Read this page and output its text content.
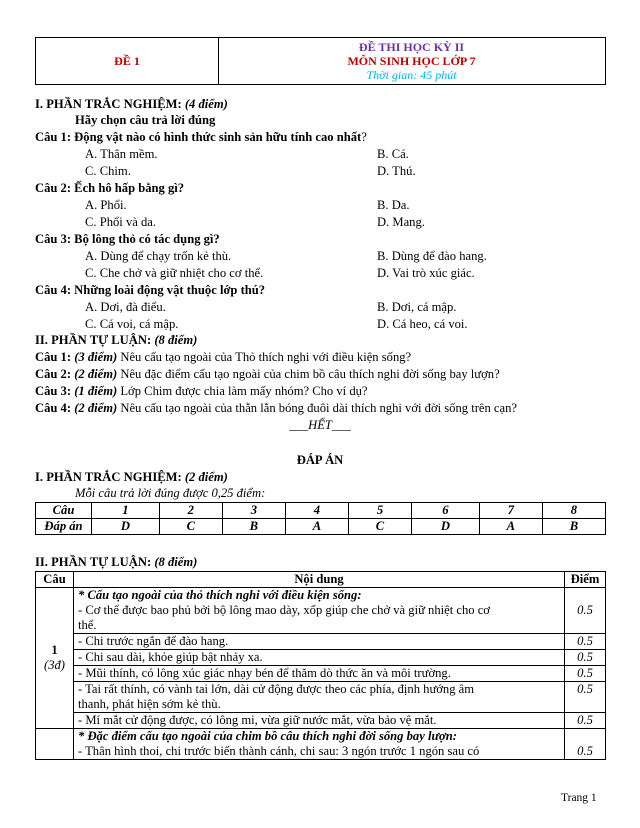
ĐỀ 1
ĐỀ THI HỌC KỲ II
MÔN SINH HỌC LỚP 7
Thời gian: 45 phút
I. PHẦN TRẮC NGHIỆM: (4 điểm)
Hãy chọn câu trả lời đúng
Câu 1: Động vật nào có hình thức sinh sản hữu tính cao nhất?
A. Thân mềm.	B. Cá.
C. Chim.	D. Thú.
Câu 2: Ếch hô hấp bằng gì?
A. Phổi.	B. Da.
C. Phổi và da.	D. Mang.
Câu 3: Bộ lông thỏ có tác dụng gì?
A. Dùng để chạy trốn kẻ thù.	B. Dùng để đào hang.
C. Che chở và giữ nhiệt cho cơ thể.	D. Vai trò xúc giác.
Câu 4: Những loài động vật thuộc lớp thú?
A. Dơi, đà điểu.	B. Dơi, cá mập.
C. Cá voi, cá mập.	D. Cá heo, cá voi.
II. PHẦN TỰ LUẬN: (8 điểm)
Câu 1: (3 điểm) Nêu cấu tạo ngoài của Thỏ thích nghi với điều kiện sống?
Câu 2: (2 điểm) Nêu đặc điểm cấu tạo ngoài của chim bồ câu thích nghi đời sống bay lượn?
Câu 3: (1 điểm) Lớp Chim được chia làm mấy nhóm? Cho ví dụ?
Câu 4: (2 điểm) Nêu cấu tạo ngoài của thằn lằn bóng đuôi dài thích nghi với đời sống trên cạn?
___HẾT___
ĐÁP ÁN
I. PHẦN TRẮC NGHIỆM: (2 điểm)
Mỗi câu trả lời đúng được 0,25 điểm:
Câu	1	2	3	4	5	6	7	8
Đáp án	D	C	B	A	C	D	A	B
II. PHẦN TỰ LUẬN: (8 điểm)
Câu	Nội dung	Điểm
1
(3đ)	* Cấu tạo ngoài của thỏ thích nghi với điều kiện sống:
- Cơ thể được bao phủ bởi bộ lông mao dày, xốp giúp che chở và giữ nhiệt cho cơ
thể.	0.5
	- Chi trước ngắn để đào hang.	0.5
	- Chi sau dài, khỏe giúp bật nhảy xa.	0.5
	- Mũi thính, có lông xúc giác nhạy bén để thăm dò thức ăn và môi trường.	0.5
	- Tai rất thính, có vành tai lớn, dài cử động được theo các phía, định hướng âm
thanh, phát hiện sớm kẻ thù.	0.5
	- Mí mắt cử động được, có lông mi, vừa giữ nước mắt, vừa bảo vệ mắt.	0.5
	* Đặc điểm cấu tạo ngoài của chim bồ câu thích nghi đời sống bay lượn:
- Thân hình thoi, chi trước biến thành cánh, chi sau: 3 ngón trước 1 ngón sau có	0.5
Trang 1
